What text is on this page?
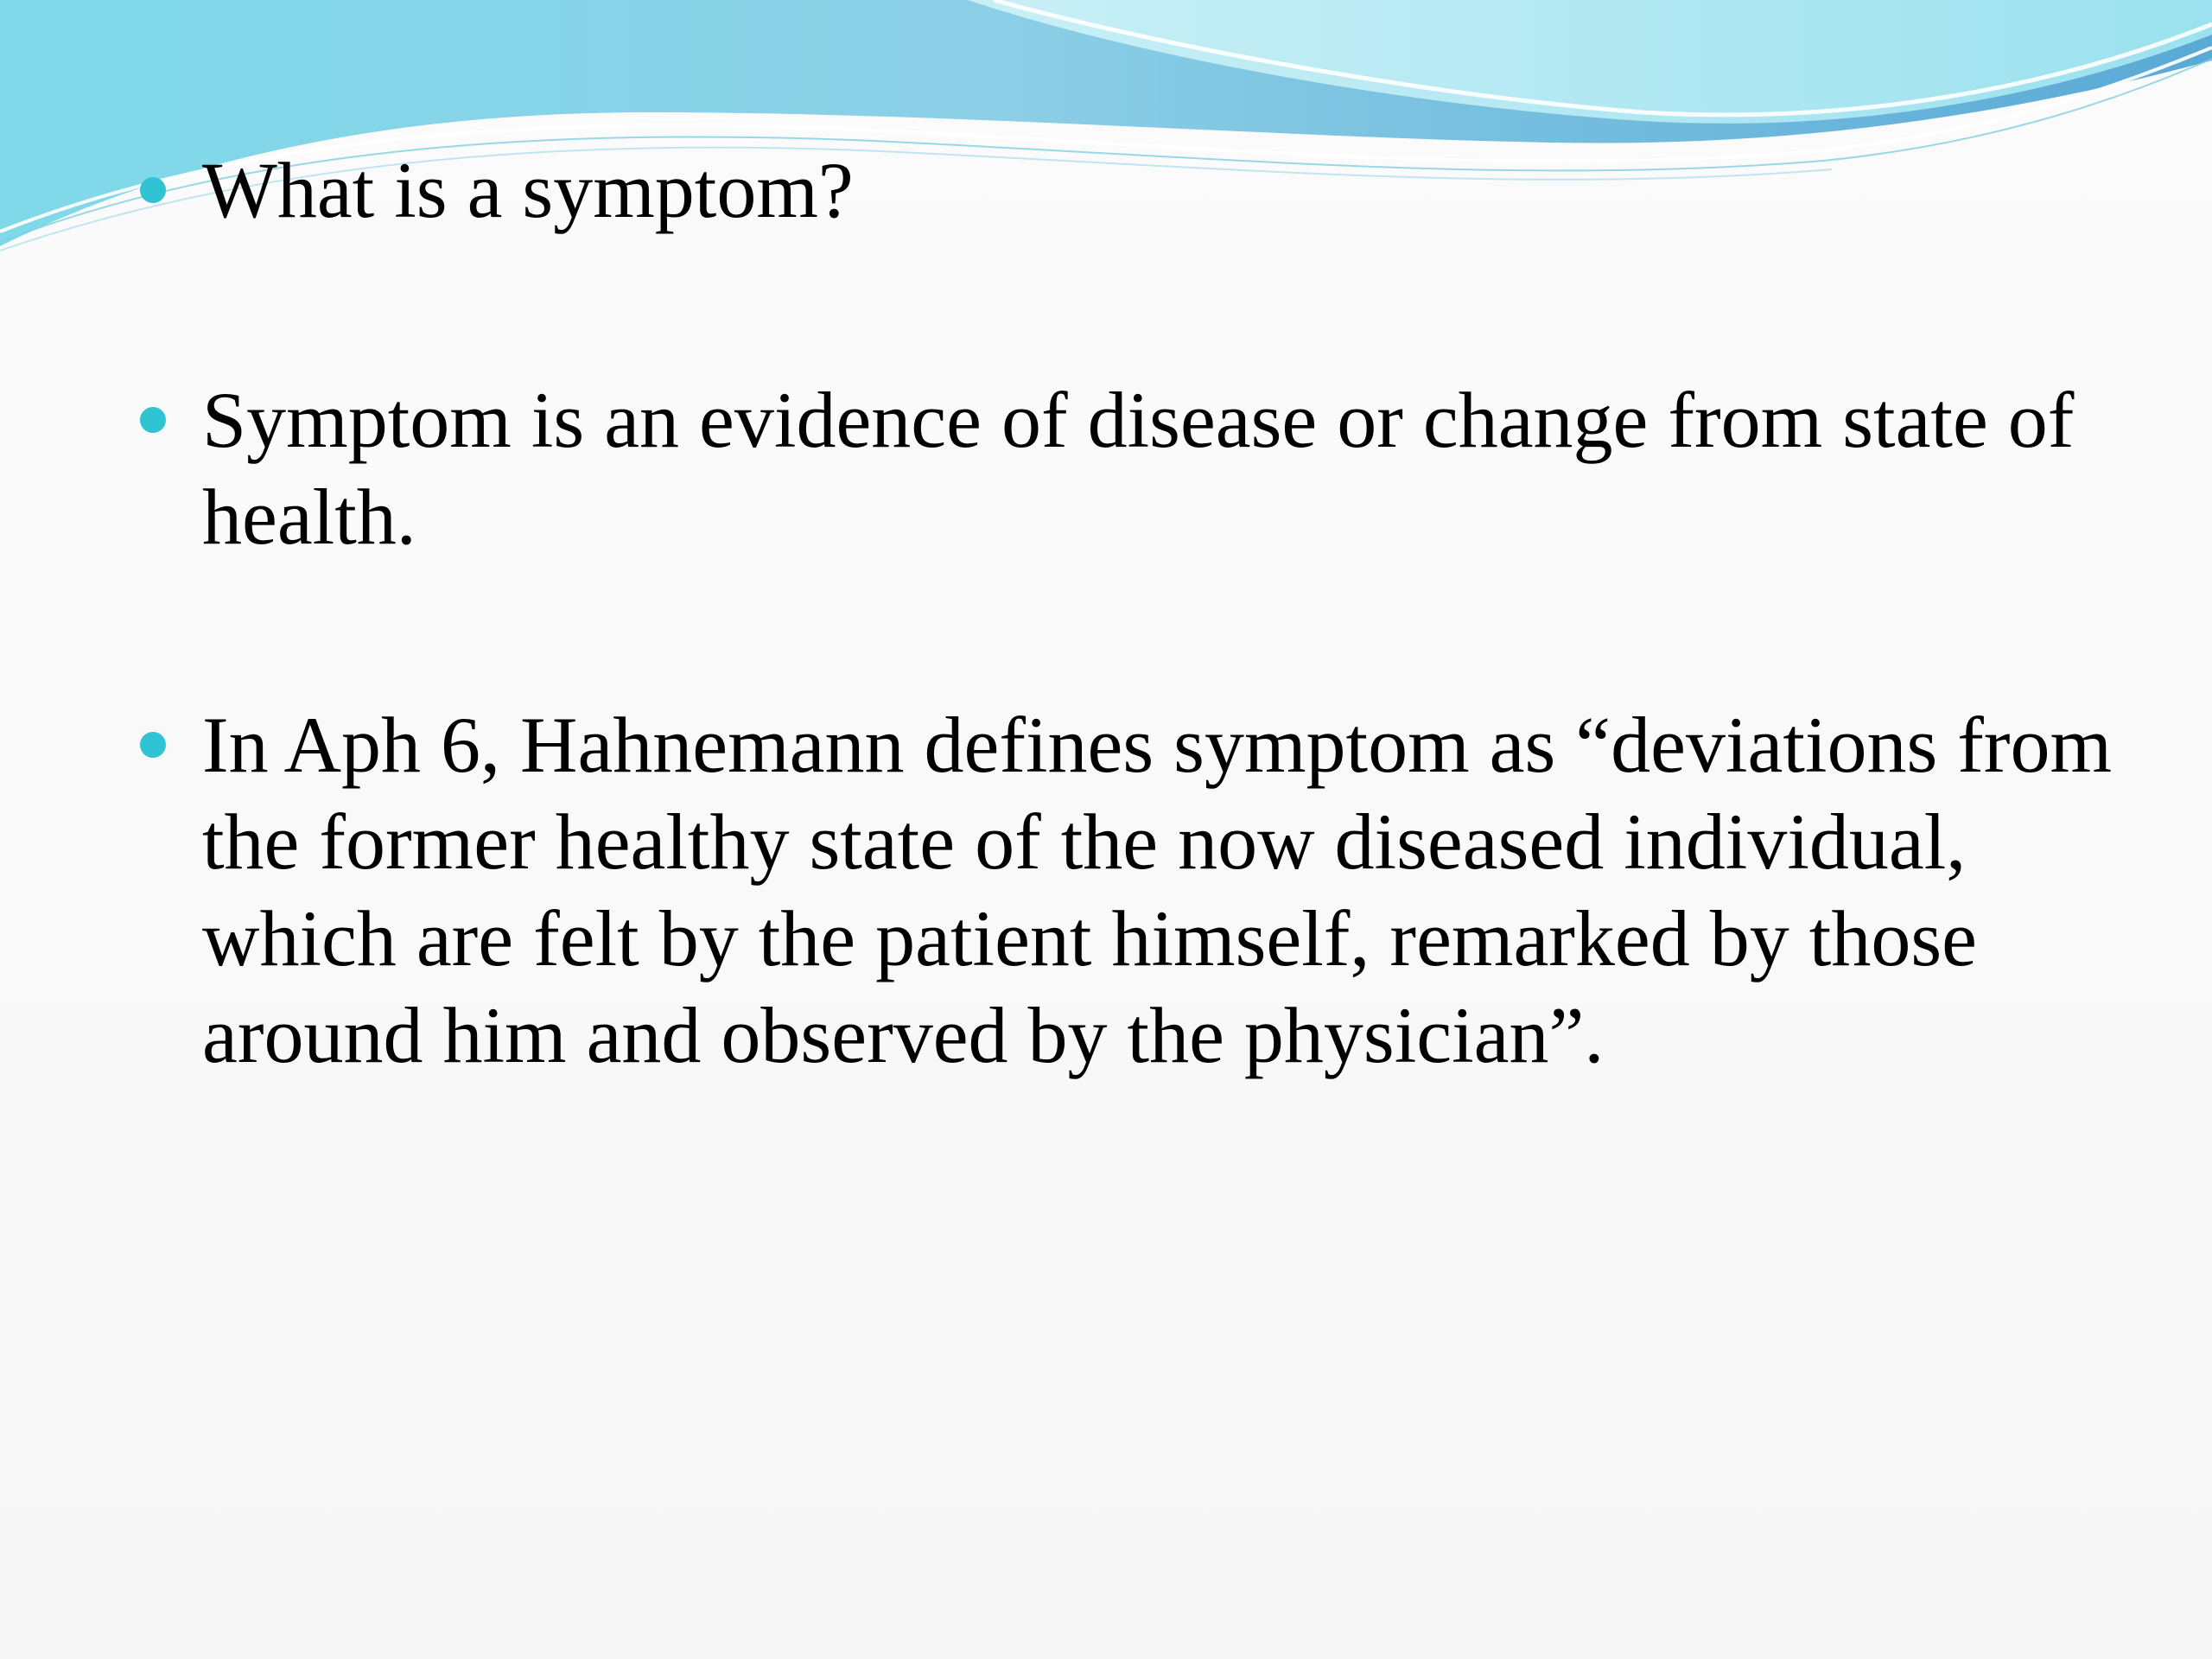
What is a symptom?
Symptom is an evidence of disease or change from state of health.
In Aph 6, Hahnemann defines symptom as “deviations from the former healthy state of the now diseased individual, which are felt by the patient himself, remarked by those around him and observed by the physician”.
